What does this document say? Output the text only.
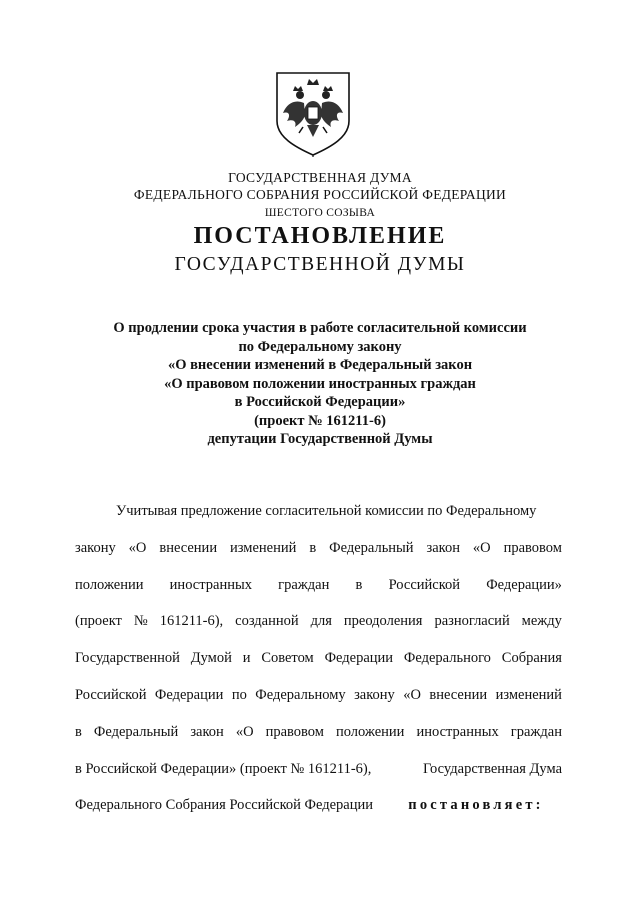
ГОСУДАРСТВЕННАЯ ДУМА
ФЕДЕРАЛЬНОГО СОБРАНИЯ РОССИЙСКОЙ ФЕДЕРАЦИИ
ШЕСТОГО СОЗЫВА
ПОСТАНОВЛЕНИЕ
ГОСУДАРСТВЕННОЙ ДУМЫ
О продлении срока участия в работе согласительной комиссии
по Федеральному закону
«О внесении изменений в Федеральный закон
«О правовом положении иностранных граждан
в Российской Федерации»
(проект № 161211-6)
депутации Государственной Думы
Учитывая предложение согласительной комиссии по Федеральному
закону «О внесении изменений в Федеральный закон «О правовом
положении иностранных граждан в Российской Федерации»
(проект № 161211-6), созданной для преодоления разногласий между
Государственной Думой и Советом Федерации Федерального Собрания
Российской Федерации по Федеральному закону «О внесении изменений
в Федеральный закон «О правовом положении иностранных граждан
в Российской Федерации» (проект № 161211-6),	Государственная Дума
Федерального Собрания Российской Федерации постановляет:
